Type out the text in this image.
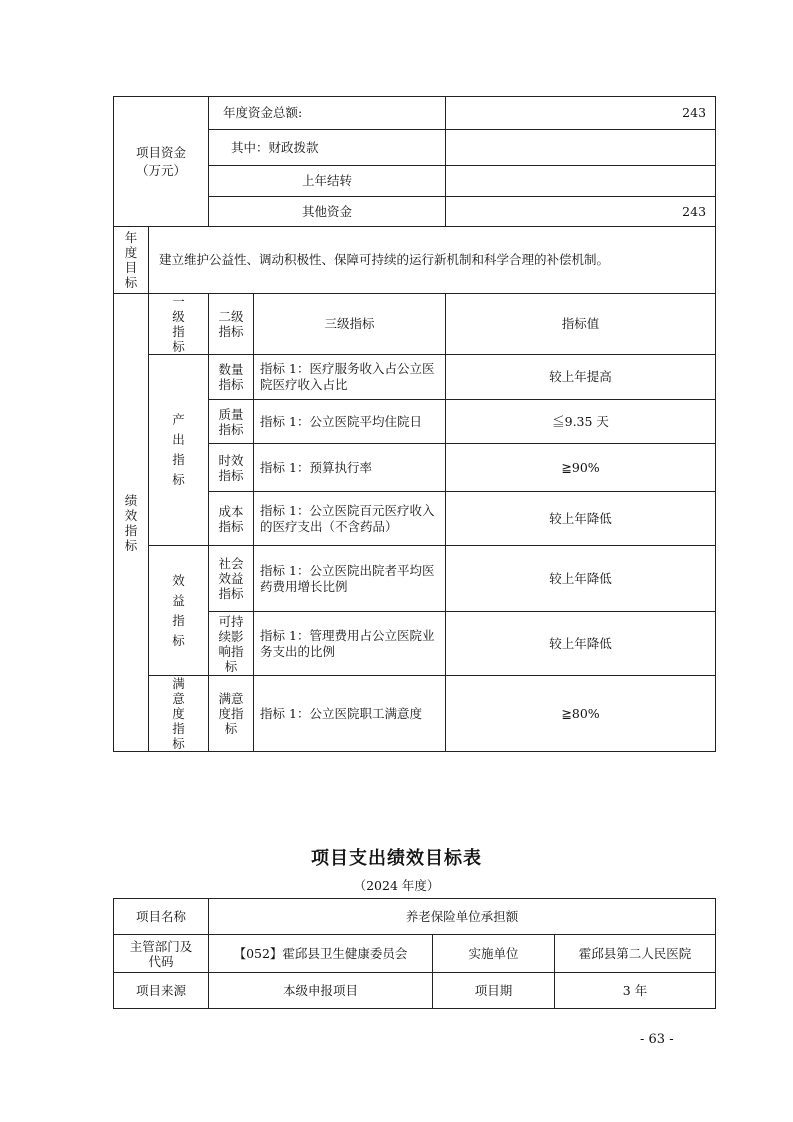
项目资金（万元）		年度资金总额:		243
		其中：财政拨款		
		上年结转		
		其他资金		243

年度目标	建立维护公益性、调动积极性、保障可持续的运行新机制和科学合理的补偿机制。			

绩效指标	一级指标	二级指标	三级指标	指标值

	产出指标	数量指标	指标 1：医疗服务收入占公立医院医疗收入占比	较上年提高

		质量指标	指标 1：公立医院平均住院日	≦9.35 天

		时效指标	指标 1：预算执行率	≧90%

		成本指标	指标 1：公立医院百元医疗收入的医疗支出（不含药品）	较上年降低

	效益指标	社会效益指标	指标 1：公立医院出院者平均医药费用增长比例	较上年降低

		可持续影响指标	指标 1：管理费用占公立医院业务支出的比例	较上年降低

	满意度指标	满意度指标	指标 1：公立医院职工满意度	≧80%
项目支出绩效目标表
（2024 年度）
项目名称	养老保险单位承担额		

主管部门及代码	【052】霍邱县卫生健康委员会	实施单位	霍邱县第二人民医院
项目来源	本级申报项目	项目期	3 年
- 63 -
